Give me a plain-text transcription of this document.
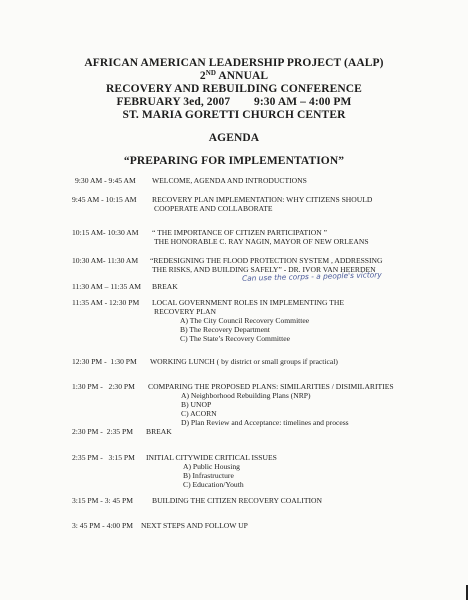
AFRICAN AMERICAN LEADERSHIP PROJECT (AALP)
2ND ANNUAL
RECOVERY AND REBUILDING CONFERENCE
FEBRUARY 3ed, 2007        9:30 AM – 4:00 PM
ST. MARIA GORETTI CHURCH CENTER
AGENDA
“PREPARING FOR IMPLEMENTATION”
9:30 AM - 9:45 AM WELCOME, AGENDA AND INTRODUCTIONS
9:45 AM - 10:15 AM RECOVERY PLAN IMPLEMENTATION: WHY CITIZENS SHOULD
COOPERATE AND COLLABORATE
10:15 AM- 10:30 AM “ THE IMPORTANCE OF CITIZEN PARTICIPATION ”
THE HONORABLE C. RAY NAGIN, MAYOR OF NEW ORLEANS
10:30 AM- 11:30 AM “REDESIGNING THE FLOOD PROTECTION SYSTEM , ADDRESSING
THE RISKS, AND BUILDING SAFELY” - DR. IVOR VAN HEERDEN
Can use the corps - a people's victory
11:30 AM – 11:35 AM BREAK
11:35 AM - 12:30 PM LOCAL GOVERNMENT ROLES IN IMPLEMENTING THE
RECOVERY PLAN
A) The City Council Recovery Committee
B) The Recovery Department
C) The State’s Recovery Committee
12:30 PM -  1:30 PM WORKING LUNCH ( by district or small groups if practical)
1:30 PM -   2:30 PM COMPARING THE PROPOSED PLANS: SIMILARITIES / DISIMILARITIES
A) Neighborhood Rebuilding Plans (NRP)
B) UNOP
C) ACORN
D) Plan Review and Acceptance: timelines and process
2:30 PM -  2:35 PM BREAK
2:35 PM -   3:15 PM INITIAL CITYWIDE CRITICAL ISSUES
A) Public Housing
B) Infrastructure
C) Education/Youth
3:15 PM - 3: 45 PM	BUILDING THE CITIZEN RECOVERY COALITION
3: 45 PM - 4:00 PM NEXT STEPS AND FOLLOW UP
